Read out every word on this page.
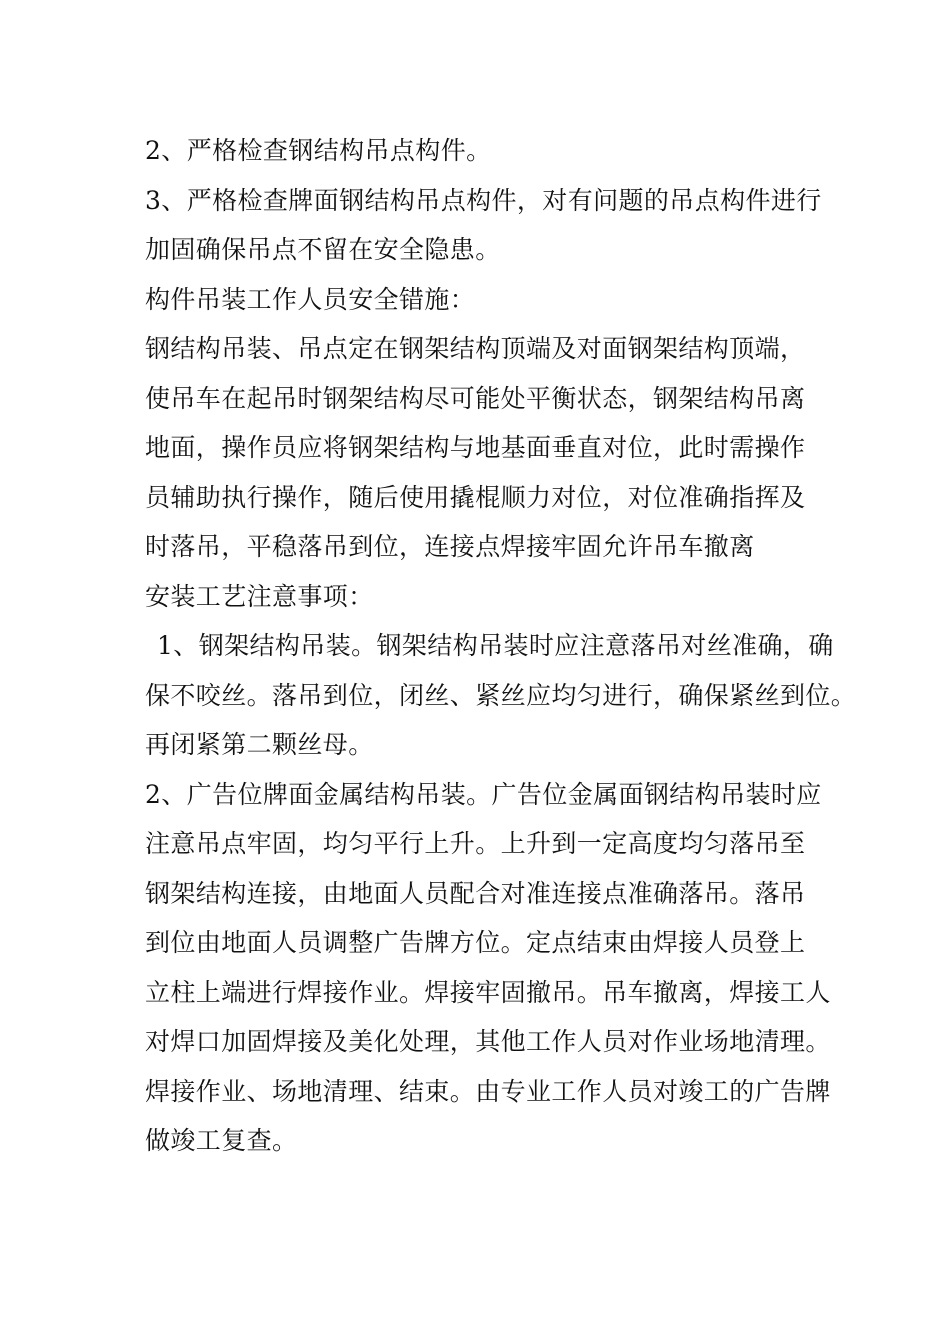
2、严格检查钢结构吊点构件。
3、严格检查牌面钢结构吊点构件，对有问题的吊点构件进行
加固确保吊点不留在安全隐患。
构件吊装工作人员安全错施：
钢结构吊装、吊点定在钢架结构顶端及对面钢架结构顶端，
使吊车在起吊时钢架结构尽可能处平衡状态，钢架结构吊离
地面，操作员应将钢架结构与地基面垂直对位，此时需操作
员辅助执行操作，随后使用撬棍顺力对位，对位准确指挥及
时落吊，平稳落吊到位，连接点焊接牢固允许吊车撤离
安装工艺注意事项：
1、钢架结构吊装。钢架结构吊装时应注意落吊对丝准确，确
保不咬丝。落吊到位，闭丝、紧丝应均匀进行，确保紧丝到位。
再闭紧第二颗丝母。
2、广告位牌面金属结构吊装。广告位金属面钢结构吊装时应
注意吊点牢固，均匀平行上升。上升到一定高度均匀落吊至
钢架结构连接，由地面人员配合对准连接点准确落吊。落吊
到位由地面人员调整广告牌方位。定点结束由焊接人员登上
立柱上端进行焊接作业。焊接牢固撤吊。吊车撤离，焊接工人
对焊口加固焊接及美化处理，其他工作人员对作业场地清理。
焊接作业、场地清理、结束。由专业工作人员对竣工的广告牌
做竣工复查。
